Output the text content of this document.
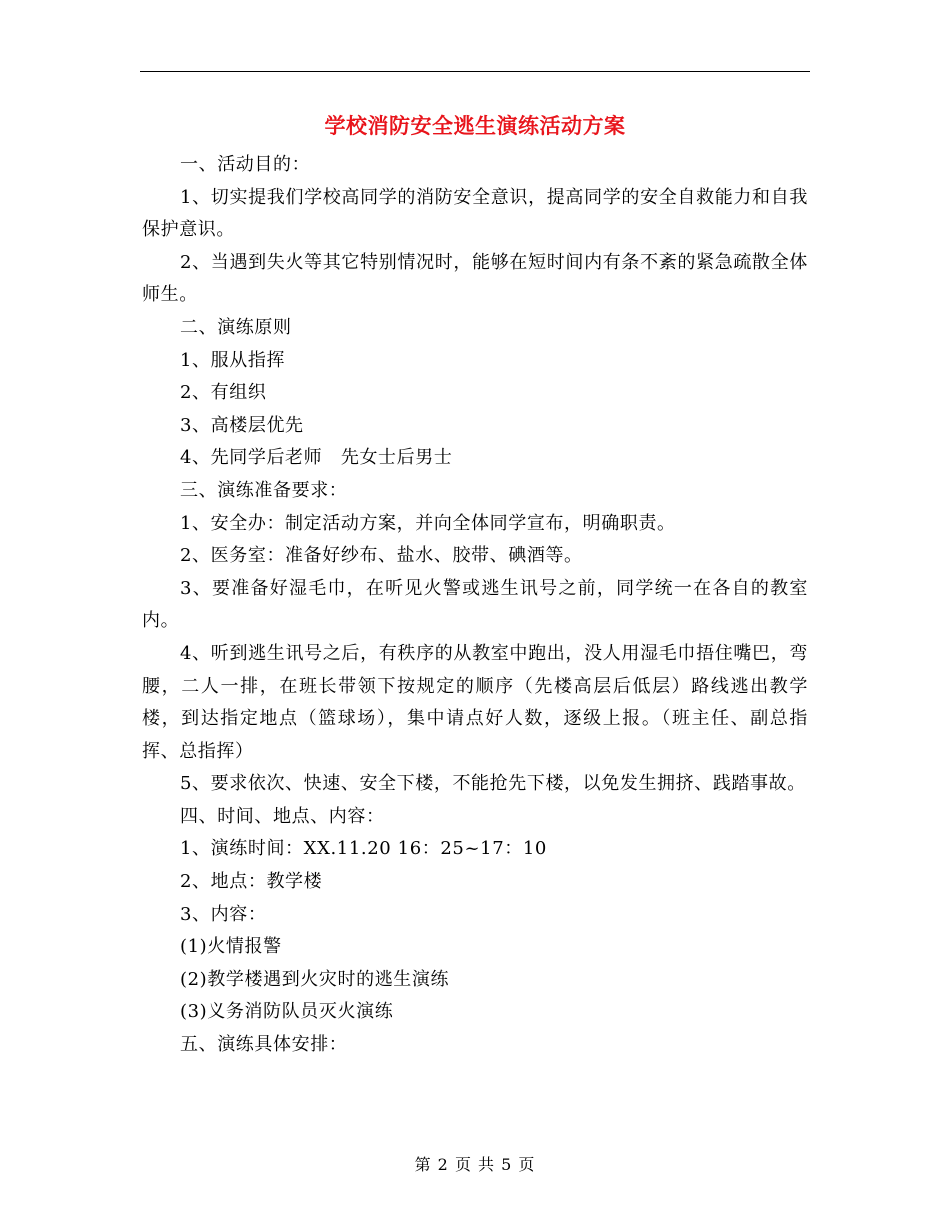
学校消防安全逃生演练活动方案

一、活动目的：

1、切实提我们学校高同学的消防安全意识，提高同学的安全自救能力和自我保护意识。

2、当遇到失火等其它特别情况时，能够在短时间内有条不紊的紧急疏散全体师生。

二、演练原则

1、服从指挥

2、有组织

3、高楼层优先

4、先同学后老师　先女士后男士

三、演练准备要求：

1、安全办：制定活动方案，并向全体同学宣布，明确职责。

2、医务室：准备好纱布、盐水、胶带、碘酒等。

3、要准备好湿毛巾，在听见火警或逃生讯号之前，同学统一在各自的教室内。

4、听到逃生讯号之后，有秩序的从教室中跑出，没人用湿毛巾捂住嘴巴，弯腰，二人一排，在班长带领下按规定的顺序（先楼高层后低层）路线逃出教学楼，到达指定地点（篮球场），集中请点好人数，逐级上报。（班主任、副总指挥、总指挥）

5、要求依次、快速、安全下楼，不能抢先下楼，以免发生拥挤、践踏事故。

四、时间、地点、内容：

1、演练时间：XX.11.20 16：25~17：10

2、地点：教学楼

3、内容：

(1)火情报警

(2)教学楼遇到火灾时的逃生演练

(3)义务消防队员灭火演练

五、演练具体安排：

第 2 页 共 5 页
